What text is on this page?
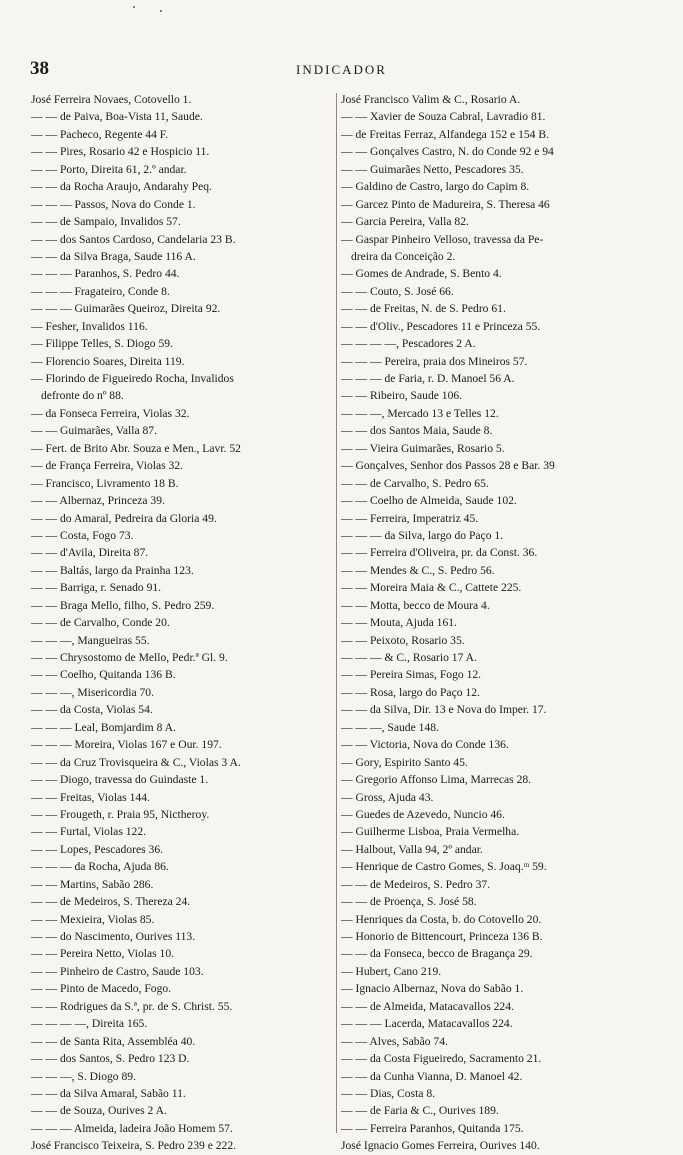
38	INDICADOR
José Ferreira Novaes, Cotovello 1.
— — de Paiva, Boa-Vista 11, Saude.
— — Pacheco, Regente 44 F.
— — Pires, Rosario 42 e Hospicio 11.
— — Porto, Direita 61, 2.º andar.
— — da Rocha Araujo, Andarahy Peq.
— — — Passos, Nova do Conde 1.
— — de Sampaio, Invalidos 57.
— — dos Santos Cardoso, Candelaria 23 B.
— — da Silva Braga, Saude 116 A.
— — — Paranhos, S. Pedro 44.
— — — Fragateiro, Conde 8.
— — — Guimarães Queiroz, Direita 92.
— Fesher, Invalidos 116.
— Filippe Telles, S. Diogo 59.
— Florencio Soares, Direita 119.
— Florindo de Figueiredo Rocha, Invalidos
defronte do nº 88.
— da Fonseca Ferreira, Violas 32.
— — Guimarães, Valla 87.
— Fert. de Brito Abr. Souza e Men., Lavr. 52
— de França Ferreira, Violas 32.
— Francisco, Livramento 18 B.
— — Albernaz, Princeza 39.
— — do Amaral, Pedreira da Gloria 49.
— — Costa, Fogo 73.
— — d'Avila, Direita 87.
— — Baltás, largo da Prainha 123.
— — Barriga, r. Senado 91.
— — Braga Mello, filho, S. Pedro 259.
— — de Carvalho, Conde 20.
— — —, Mangueiras 55.
— — Chrysostomo de Mello, Pedr.ª Gl. 9.
— — Coelho, Quitanda 136 B.
— — —, Misericordia 70.
— — da Costa, Violas 54.
— — — Leal, Bomjardim 8 A.
— — — Moreira, Violas 167 e Our. 197.
— — da Cruz Trovisqueira & C., Violas 3 A.
— — Diogo, travessa do Guindaste 1.
— — Freitas, Violas 144.
— — Frougeth, r. Praia 95, Nictheroy.
— — Furtal, Violas 122.
— — Lopes, Pescadores 36.
— — — da Rocha, Ajuda 86.
— — Martins, Sabão 286.
— — de Medeiros, S. Thereza 24.
— — Mexieira, Violas 85.
— — do Nascimento, Ourives 113.
— — Pereira Netto, Violas 10.
— — Pinheiro de Castro, Saude 103.
— — Pinto de Macedo, Fogo.
— — Rodrigues da S.ª, pr. de S. Christ. 55.
— — — —, Direita 165.
— — de Santa Rita, Assembléa 40.
— — dos Santos, S. Pedro 123 D.
— — —, S. Diogo 89.
— — da Silva Amaral, Sabão 11.
— — de Souza, Ourives 2 A.
— — — Almeida, ladeira João Homem 57.
José Francisco Teixeira, S. Pedro 239 e 222.
José Francisco Valim & C., Rosario A.
— — Xavier de Souza Cabral, Lavradio 81.
— de Freitas Ferraz, Alfandega 152 e 154 B.
— — Gonçalves Castro, N. do Conde 92 e 94
— — Guimarães Netto, Pescadores 35.
— Galdino de Castro, largo do Capim 8.
— Garcez Pinto de Madureira, S. Theresa 46
— Garcia Pereira, Valla 82.
— Gaspar Pinheiro Velloso, travessa da Pe-
dreira da Conceição 2.
— Gomes de Andrade, S. Bento 4.
— — Couto, S. José 66.
— — de Freitas, N. de S. Pedro 61.
— — d'Oliv., Pescadores 11 e Princeza 55.
— — — —, Pescadores 2 A.
— — — Pereira, praia dos Mineiros 57.
— — — de Faria, r. D. Manoel 56 A.
— — Ribeiro, Saude 106.
— — —, Mercado 13 e Telles 12.
— — dos Santos Maia, Saude 8.
— — Vieira Guimarães, Rosario 5.
— Gonçalves, Senhor dos Passos 28 e Bar. 39
— — de Carvalho, S. Pedro 65.
— — Coelho de Almeida, Saude 102.
— — Ferreira, Imperatriz 45.
— — — da Silva, largo do Paço 1.
— — Ferreira d'Oliveira, pr. da Const. 36.
— — Mendes & C., S. Pedro 56.
— — Moreira Maia & C., Cattete 225.
— — Motta, becco de Moura 4.
— — Mouta, Ajuda 161.
— — Peixoto, Rosario 35.
— — — & C., Rosario 17 A.
— — Pereira Simas, Fogo 12.
— — Rosa, largo do Paço 12.
— — da Silva, Dir. 13 e Nova do Imper. 17.
— — —, Saude 148.
— — Victoria, Nova do Conde 136.
— Gory, Espirito Santo 45.
— Gregorio Affonso Lima, Marrecas 28.
— Gross, Ajuda 43.
— Guedes de Azevedo, Nuncio 46.
— Guilherme Lisboa, Praia Vermelha.
— Halbout, Valla 94, 2º andar.
— Henrique de Castro Gomes, S. Joaq.ᵐ 59.
— — de Medeiros, S. Pedro 37.
— — de Proença, S. José 58.
— Henriques da Costa, b. do Cotovello 20.
— Honorio de Bittencourt, Princeza 136 B.
— — da Fonseca, becco de Bragança 29.
— Hubert, Cano 219.
— Ignacio Albernaz, Nova do Sabão 1.
— — de Almeida, Matacavallos 224.
— — — Lacerda, Matacavallos 224.
— — Alves, Sabão 74.
— — da Costa Figueiredo, Sacramento 21.
— — da Cunha Vianna, D. Manoel 42.
— — Dias, Costa 8.
— — de Faria & C., Ourives 189.
— — Ferreira Paranhos, Quitanda 175.
José Ignacio Gomes Ferreira, Ourives 140.
